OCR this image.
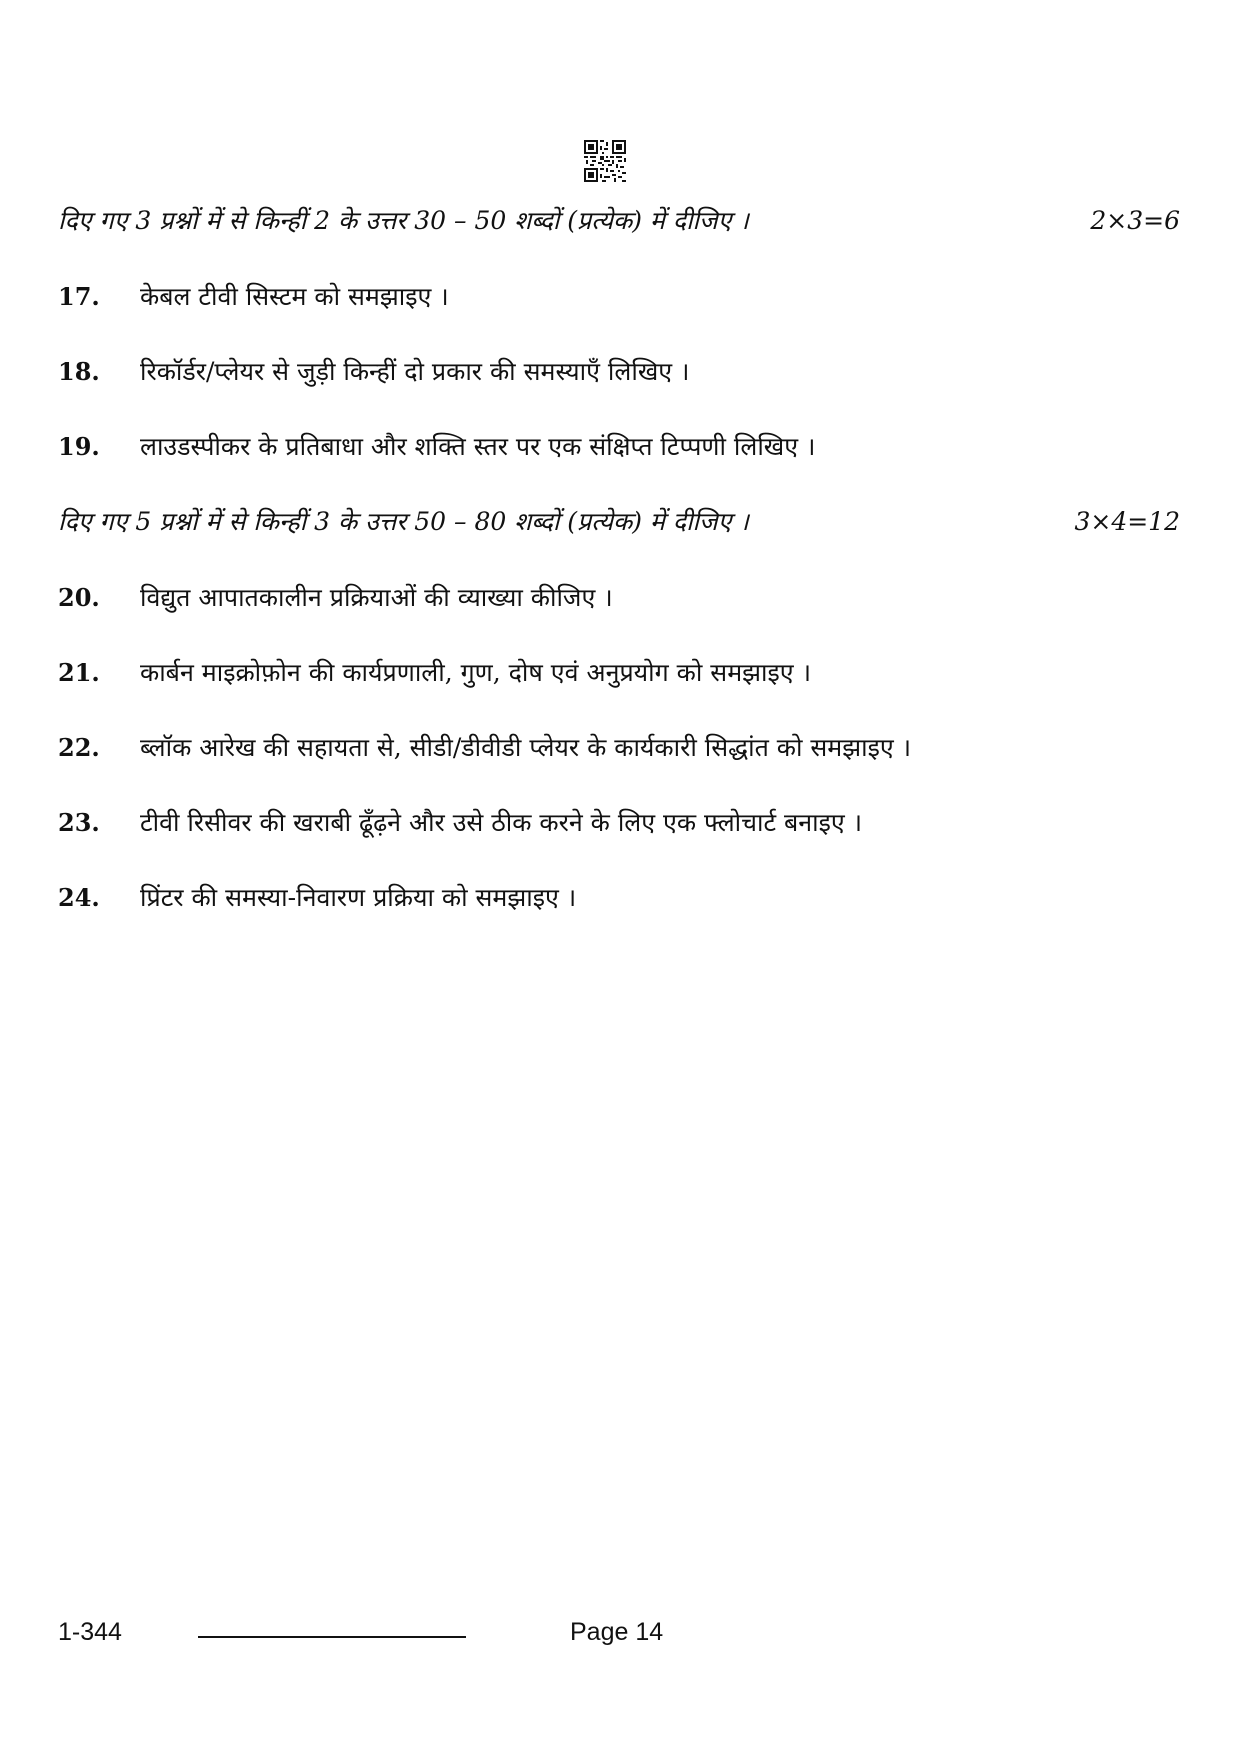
दिए गए 3 प्रश्नों में से किन्हीं 2 के उत्तर 30 – 50 शब्दों (प्रत्येक) में दीजिए ।	2×3=6
17.	केबल टीवी सिस्टम को समझाइए ।
18.	रिकॉर्डर/प्लेयर से जुड़ी किन्हीं दो प्रकार की समस्याएँ लिखिए ।
19.	लाउडस्पीकर के प्रतिबाधा और शक्ति स्तर पर एक संक्षिप्त टिप्पणी लिखिए ।
दिए गए 5 प्रश्नों में से किन्हीं 3 के उत्तर 50 – 80 शब्दों (प्रत्येक) में दीजिए ।	3×4=12
20.	विद्युत आपातकालीन प्रक्रियाओं की व्याख्या कीजिए ।
21.	कार्बन माइक्रोफ़ोन की कार्यप्रणाली, गुण, दोष एवं अनुप्रयोग को समझाइए ।
22.	ब्लॉक आरेख की सहायता से, सीडी/डीवीडी प्लेयर के कार्यकारी सिद्धांत को समझाइए ।
23.	टीवी रिसीवर की खराबी ढूँढ़ने और उसे ठीक करने के लिए एक फ्लोचार्ट बनाइए ।
24.	प्रिंटर की समस्या-निवारण प्रक्रिया को समझाइए ।
1-344	Page 14
